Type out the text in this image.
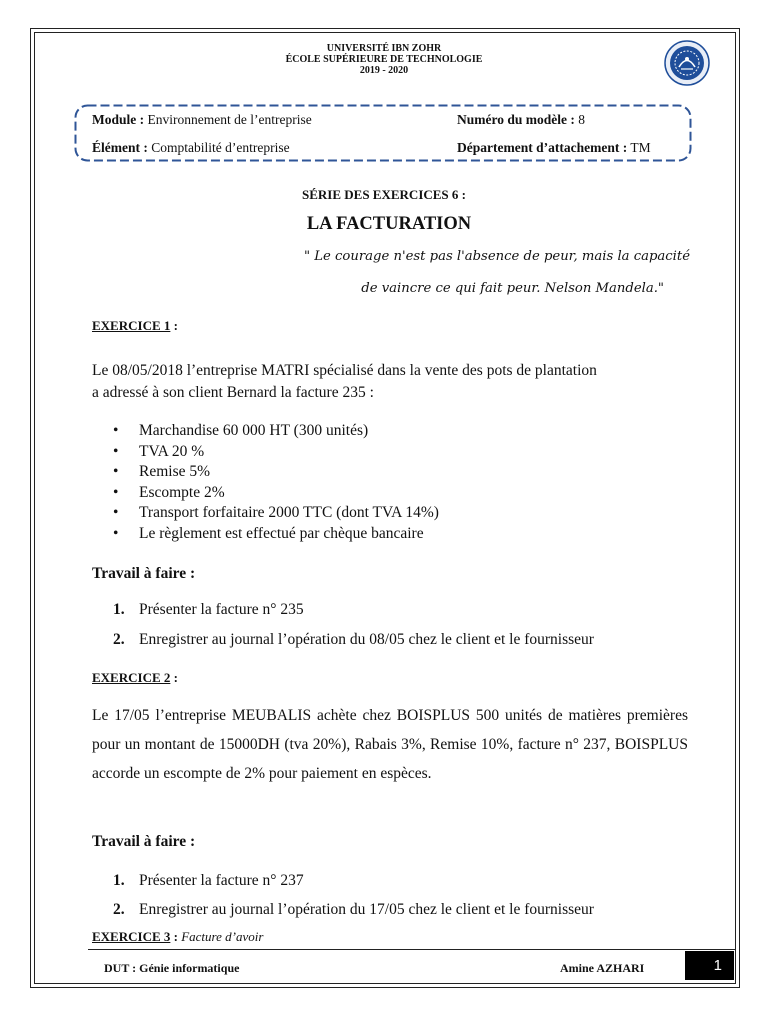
UNIVERSITÉ IBN ZOHR
ÉCOLE SUPÉRIEURE DE TECHNOLOGIE
2019 - 2020
Module : Environnement de l’entreprise	Numéro du modèle : 8
Élément : Comptabilité d’entreprise	Département d’attachement : TM
SÉRIE DES EXERCICES 6 :
LA FACTURATION
" Le courage n'est pas l'absence de peur, mais la capacité
de vaincre ce qui fait peur. Nelson Mandela."
EXERCICE 1 :
Le 08/05/2018 l’entreprise MATRI spécialisé dans la vente des pots de plantation
a adressé à son client Bernard la facture 235 :
• Marchandise 60 000 HT (300 unités)
• TVA 20 %
• Remise 5%
• Escompte 2%
• Transport forfaitaire 2000 TTC (dont TVA 14%)
• Le règlement est effectué par chèque bancaire
Travail à faire :
1. Présenter la facture n° 235
2. Enregistrer au journal l’opération du 08/05 chez le client et le fournisseur
EXERCICE 2 :
Le 17/05 l’entreprise MEUBALIS achète chez BOISPLUS 500 unités de matières premières pour un montant de 15000DH (tva 20%), Rabais 3%, Remise 10%, facture n° 237, BOISPLUS accorde un escompte de 2% pour paiement en espèces.
Travail à faire :
1. Présenter la facture n° 237
2. Enregistrer au journal l’opération du 17/05 chez le client et le fournisseur
EXERCICE 3 : Facture d’avoir
DUT : Génie informatique	Amine AZHARI	1
